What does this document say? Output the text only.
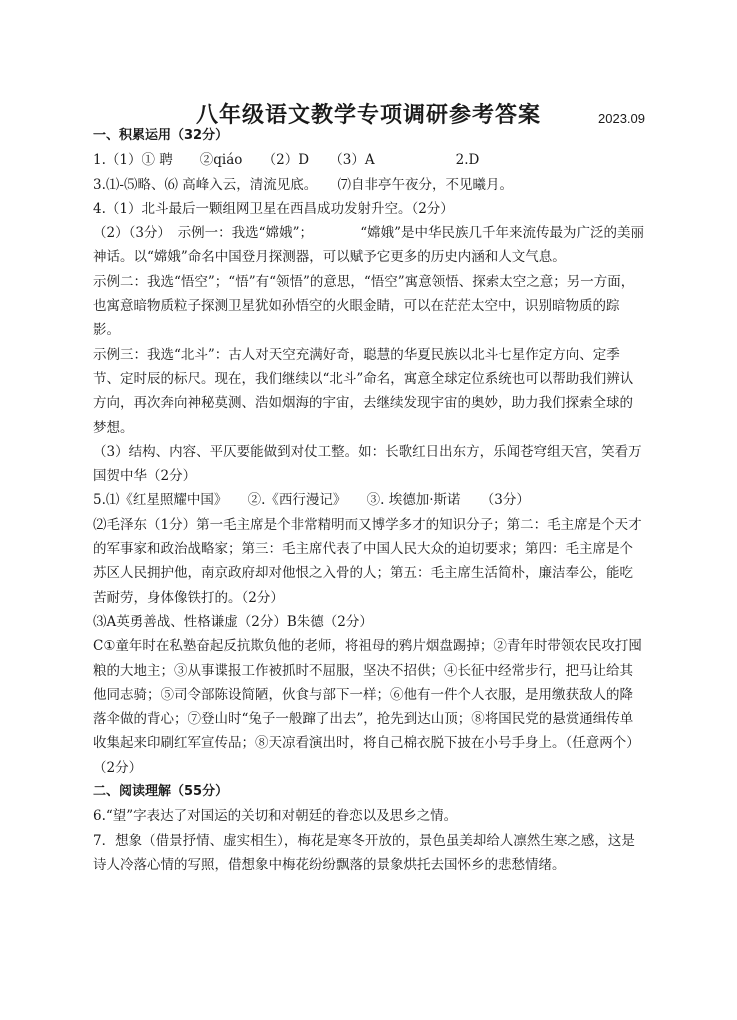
八年级语文教学专项调研参考答案	2023.09

一、积累运用（32分）

1.（1）① 聘　　②qiáo　　（2）D　　（3）A　　　　　　2.D

3.⑴-⑸略、⑹ 高峰入云，清流见底。　　⑺自非亭午夜分，不见曦月。

4.（1）北斗最后一颗组网卫星在西昌成功发射升空。（2分）

（2）（3分）　示例一：我选“嫦娥”；　　　　“嫦娥”是中华民族几千年来流传最为广泛的美丽神话。以“嫦娥”命名中国登月探测器，可以赋予它更多的历史内涵和人文气息。

示例二：我选“悟空”；“悟”有“领悟”的意思，“悟空”寓意领悟、探索太空之意；另一方面，也寓意暗物质粒子探测卫星犹如孙悟空的火眼金睛，可以在茫茫太空中，识别暗物质的踪影。

示例三：我选“北斗”：古人对天空充满好奇，聪慧的华夏民族以北斗七星作定方向、定季节、定时辰的标尺。现在，我们继续以“北斗”命名，寓意全球定位系统也可以帮助我们辨认方向，再次奔向神秘莫测、浩如烟海的宇宙，去继续发现宇宙的奥妙，助力我们探索全球的梦想。

（3）结构、内容、平仄要能做到对仗工整。如：长歌红日出东方，乐闻苍穹组天宫，笑看万国贺中华（2分）

5.⑴《红星照耀中国》　　②.《西行漫记》　　③. 埃德加·斯诺　　（3分）

⑵毛泽东（1分）第一毛主席是个非常精明而又博学多才的知识分子；第二：毛主席是个天才的军事家和政治战略家；第三：毛主席代表了中国人民大众的迫切要求；第四：毛主席是个苏区人民拥护他，南京政府却对他恨之入骨的人；第五：毛主席生活简朴，廉洁奉公，能吃苦耐劳，身体像铁打的。（2分）

⑶A英勇善战、性格谦虚（2分）B朱德（2分）

C①童年时在私塾奋起反抗欺负他的老师，将祖母的鸦片烟盘踢掉；②青年时带领农民攻打囤粮的大地主；③从事谍报工作被抓时不屈服，坚决不招供；④长征中经常步行，把马让给其他同志骑；⑤司令部陈设简陋，伙食与部下一样；⑥他有一件个人衣服，是用缴获敌人的降落伞做的背心；⑦登山时“兔子一般蹿了出去”，抢先到达山顶；⑧将国民党的悬赏通缉传单收集起来印刷红军宣传品；⑧天凉看演出时，将自己棉衣脱下披在小号手身上。（任意两个）（2分）

二、阅读理解（55分）

6.“望”字表达了对国运的关切和对朝廷的眷恋以及思乡之情。

7．想象（借景抒情、虚实相生），梅花是寒冬开放的，景色虽美却给人凛然生寒之感，这是诗人冷落心情的写照，借想象中梅花纷纷飘落的景象烘托去国怀乡的悲愁情绪。
